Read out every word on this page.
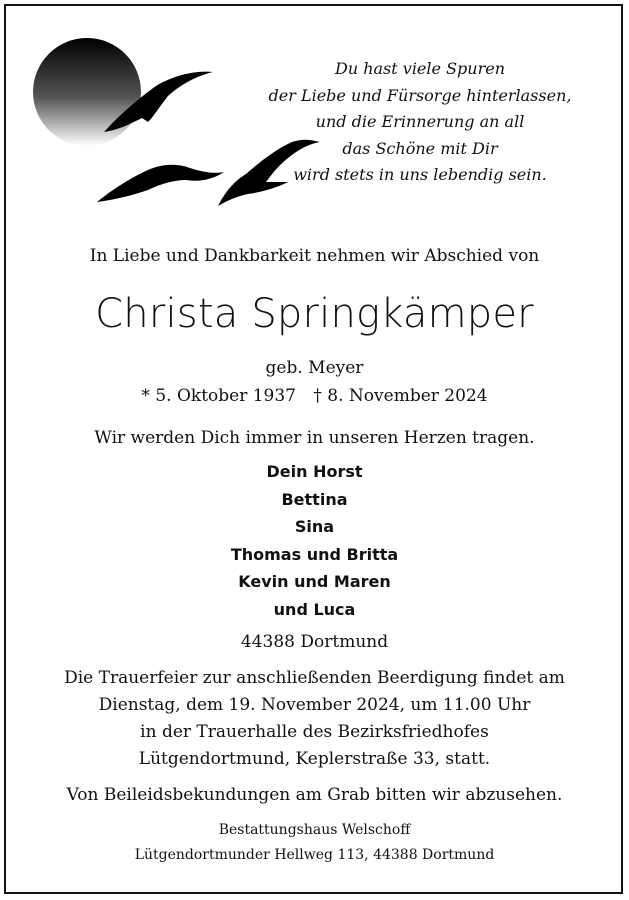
Du hast viele Spuren
der Liebe und Fürsorge hinterlassen,
und die Erinnerung an all
das Schöne mit Dir
wird stets in uns lebendig sein.
In Liebe und Dankbarkeit nehmen wir Abschied von
Christa Springkämper
geb. Meyer
* 5. Oktober 1937 † 8. November 2024
Wir werden Dich immer in unseren Herzen tragen.
Dein Horst
Bettina
Sina
Thomas und Britta
Kevin und Maren
und Luca
44388 Dortmund
Die Trauerfeier zur anschließenden Beerdigung findet am
Dienstag, dem 19. November 2024, um 11.00 Uhr
in der Trauerhalle des Bezirksfriedhofes
Lütgendortmund, Keplerstraße 33, statt.
Von Beileidsbekundungen am Grab bitten wir abzusehen.
Bestattungshaus Welschoff
Lütgendortmunder Hellweg 113, 44388 Dortmund
